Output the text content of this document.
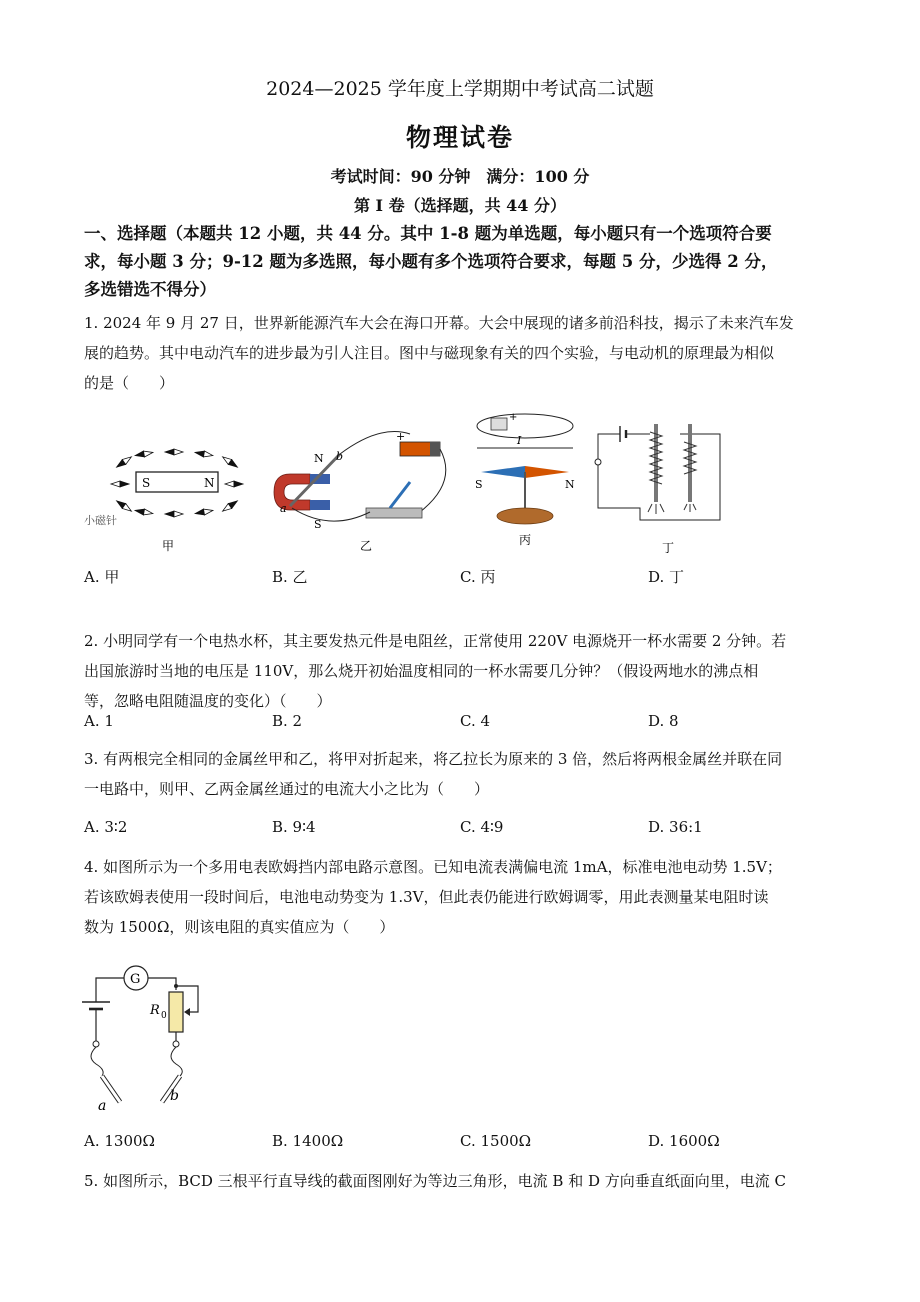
2024—2025 学年度上学期期中考试高二试题
物理试卷
考试时间：90 分钟　满分：100 分
第 I 卷（选择题，共 44 分）
一、选择题（本题共 12 小题，共 44 分。其中 1-8 题为单选题，每小题只有一个选项符合要
求，每小题 3 分；9-12 题为多选照，每小题有多个选项符合要求，每题 5 分，少选得 2 分，
多选错选不得分）
1. 2024 年 9 月 27 日，世界新能源汽车大会在海口开幕。大会中展现的诸多前沿科技，揭示了未来汽车发
展的趋势。其中电动汽车的进步最为引人注目。图中与磁现象有关的四个实验，与电动机的原理最为相似
的是（　　）
S	N
小磁针
甲
N
S
b
a
+
乙
+
I
S	N
丙
丁
A. 甲	B. 乙	C. 丙	D. 丁
2. 小明同学有一个电热水杯，其主要发热元件是电阻丝，正常使用 220V 电源烧开一杯水需要 2 分钟。若
出国旅游时当地的电压是 110V，那么烧开初始温度相同的一杯水需要几分钟？（假设两地水的沸点相
等，忽略电阻随温度的变化）（　　）
A. 1	B. 2	C. 4	D. 8
3. 有两根完全相同的金属丝甲和乙，将甲对折起来，将乙拉长为原来的 3 倍，然后将两根金属丝并联在同
一电路中，则甲、乙两金属丝通过的电流大小之比为（　　）
A. 3∶2	B. 9∶4	C. 4∶9	D. 36:1
4. 如图所示为一个多用电表欧姆挡内部电路示意图。已知电流表满偏电流 1mA，标准电池电动势 1.5V；
若该欧姆表使用一段时间后，电池电动势变为 1.3V，但此表仍能进行欧姆调零，用此表测量某电阻时读
数为 1500Ω，则该电阻的真实值应为（　　）
G
R 0
a
b
A. 1300Ω	B. 1400Ω	C. 1500Ω	D. 1600Ω
5. 如图所示，BCD 三根平行直导线的截面图刚好为等边三角形，电流 B 和 D 方向垂直纸面向里，电流 C
